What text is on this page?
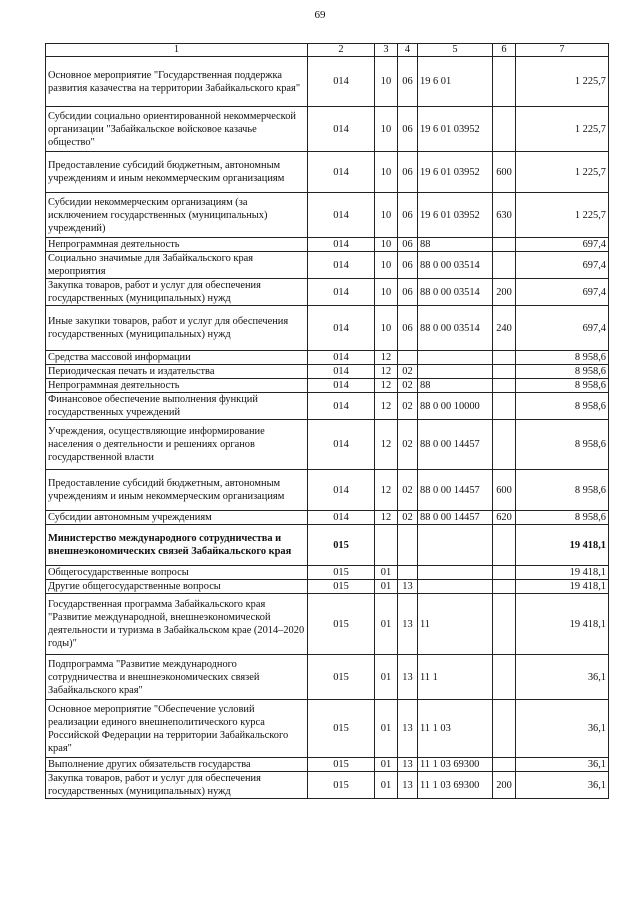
69
1	2	3	4	5	6	7
Основное мероприятие "Государственная поддержка развития казачества на территории Забайкальского края"	014	10	06	19 6 01		1 225,7
Субсидии социально ориентированной некоммерческой организации "Забайкальское войсковое казачье общество"	014	10	06	19 6 01 03952		1 225,7
Предоставление субсидий бюджетным, автономным учреждениям и иным некоммерческим организациям	014	10	06	19 6 01 03952	600	1 225,7
Субсидии некоммерческим организациям (за исключением государственных (муниципальных) учреждений)	014	10	06	19 6 01 03952	630	1 225,7
Непрограммная деятельность	014	10	06	88		697,4
Социально значимые для Забайкальского края мероприятия	014	10	06	88 0 00 03514		697,4
Закупка товаров, работ и услуг для обеспечения государственных (муниципальных) нужд	014	10	06	88 0 00 03514	200	697,4
Иные закупки товаров, работ и услуг для обеспечения государственных (муниципальных) нужд	014	10	06	88 0 00 03514	240	697,4
Средства массовой информации	014	12				8 958,6
Периодическая печать и издательства	014	12	02			8 958,6
Непрограммная деятельность	014	12	02	88		8 958,6
Финансовое обеспечение выполнения функций государственных учреждений	014	12	02	88 0 00 10000		8 958,6
Учреждения, осуществляющие информирование населения о деятельности и решениях органов государственной власти	014	12	02	88 0 00 14457		8 958,6
Предоставление субсидий бюджетным, автономным учреждениям и иным некоммерческим организациям	014	12	02	88 0 00 14457	600	8 958,6
Субсидии автономным учреждениям	014	12	02	88 0 00 14457	620	8 958,6
Министерство международного сотрудничества и внешнеэкономических связей Забайкальского края	015					19 418,1
Общегосударственные вопросы	015	01				19 418,1
Другие общегосударственные вопросы	015	01	13			19 418,1
Государственная программа Забайкальского края "Развитие международной, внешнеэкономической деятельности и туризма в Забайкальском крае (2014–2020 годы)"	015	01	13	11		19 418,1
Подпрограмма "Развитие международного сотрудничества и внешнеэкономических связей Забайкальского края"	015	01	13	11 1		36,1
Основное мероприятие "Обеспечение условий реализации единого внешнеполитического курса Российской Федерации на территории Забайкальского края"	015	01	13	11 1 03		36,1
Выполнение других обязательств государства	015	01	13	11 1 03 69300		36,1
Закупка товаров, работ и услуг для обеспечения государственных (муниципальных) нужд	015	01	13	11 1 03 69300	200	36,1
